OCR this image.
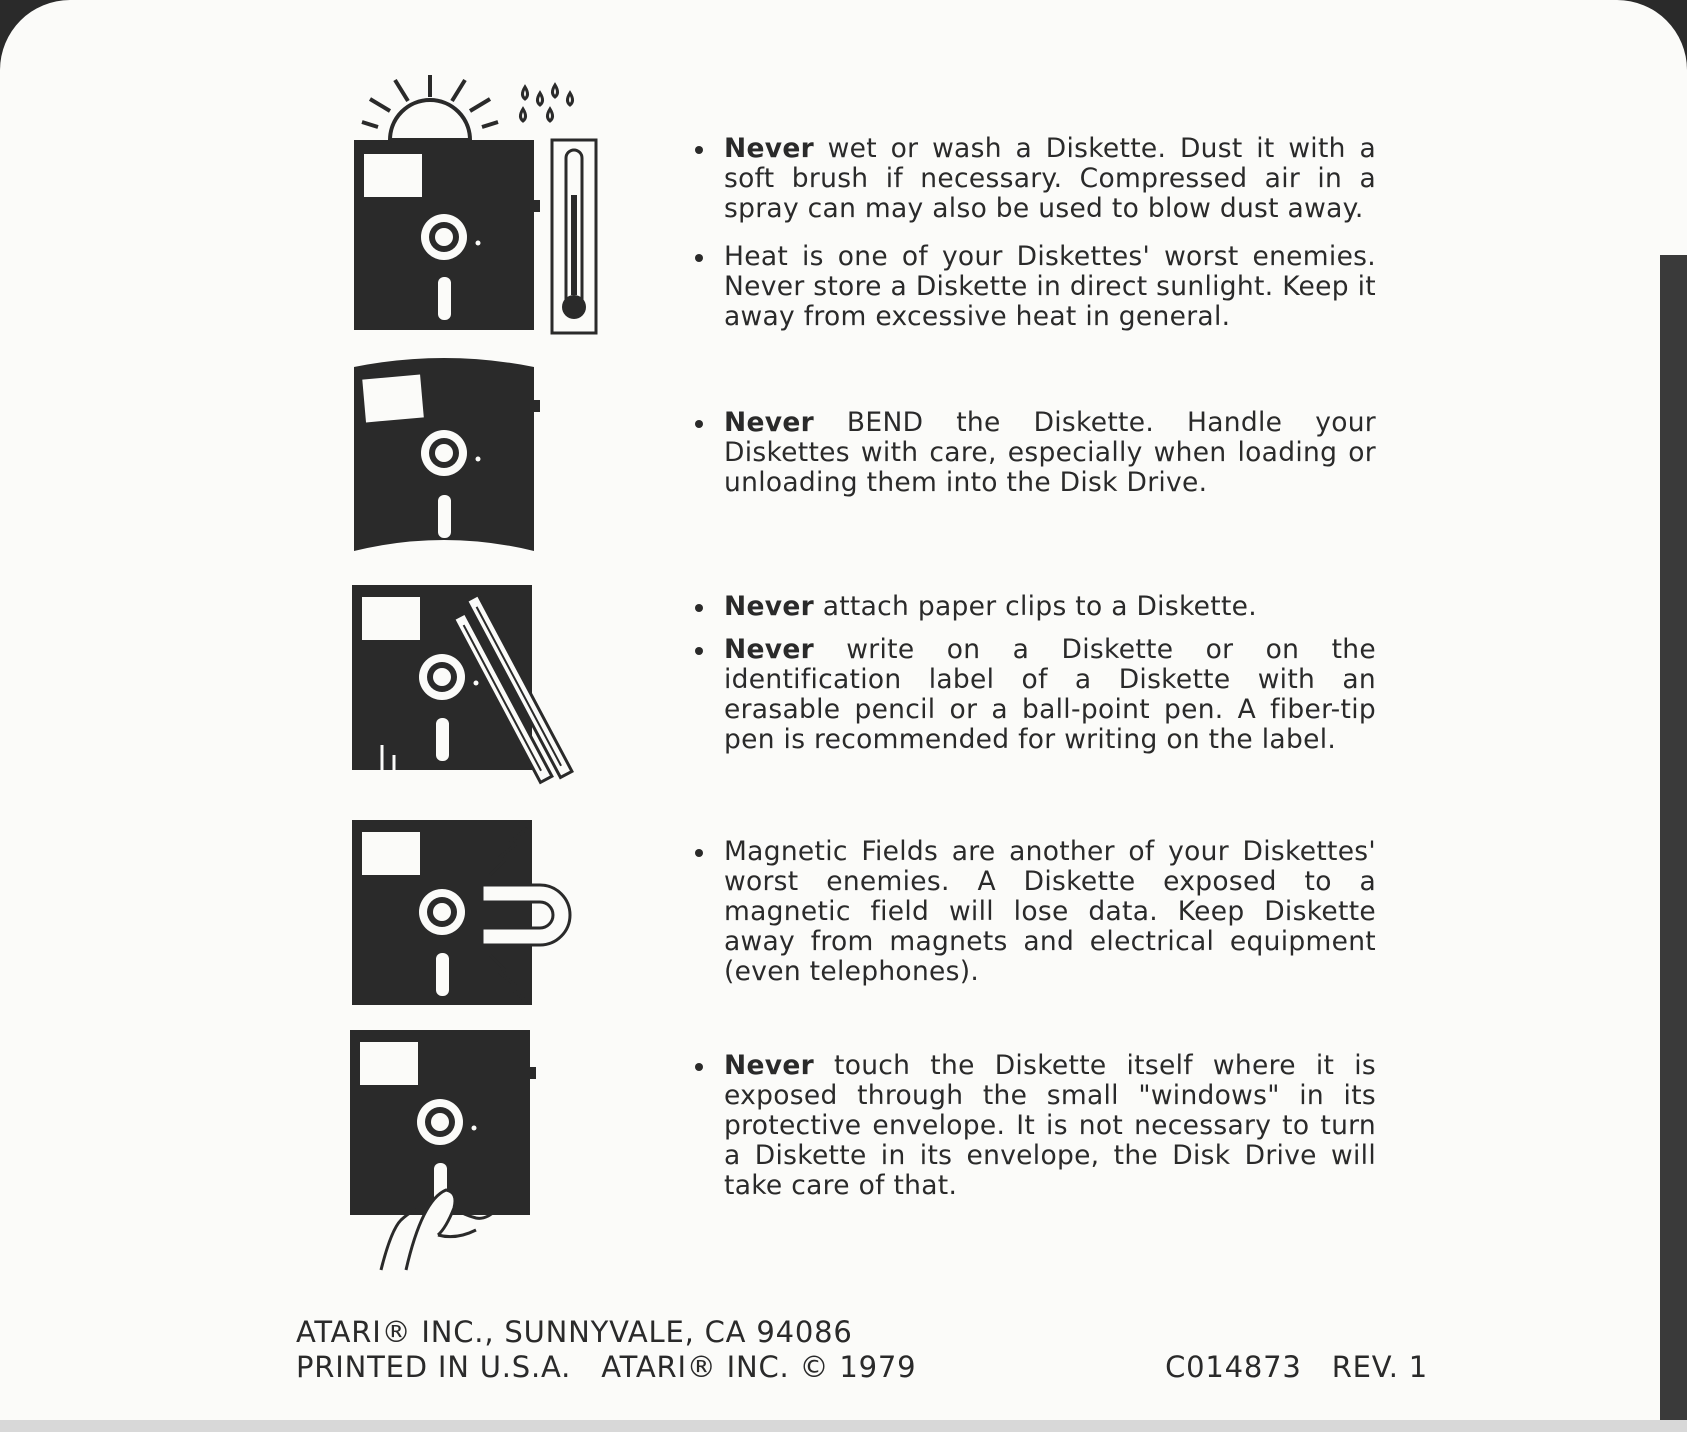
Never wet or wash a Diskette. Dust it with a soft brush if necessary. Compressed air in a spray can may also be used to blow dust away.

Heat is one of your Diskettes' worst enemies. Never store a Diskette in direct sunlight. Keep it away from excessive heat in general.

Never BEND the Diskette. Handle your Diskettes with care, especially when loading or unloading them into the Disk Drive.

Never attach paper clips to a Diskette.

Never write on a Diskette or on the identification label of a Diskette with an erasable pencil or a ball-point pen. A fiber-tip pen is recommended for writing on the label.

Magnetic Fields are another of your Diskettes' worst enemies. A Diskette exposed to a magnetic field will lose data. Keep Diskette away from magnets and electrical equipment (even telephones).

Never touch the Diskette itself where it is exposed through the small "windows" in its protective envelope. It is not necessary to turn a Diskette in its envelope, the Disk Drive will take care of that.

ATARI® INC., SUNNYVALE, CA 94086
PRINTED IN U.S.A.   ATARI® INC. © 1979	C014873   REV. 1
